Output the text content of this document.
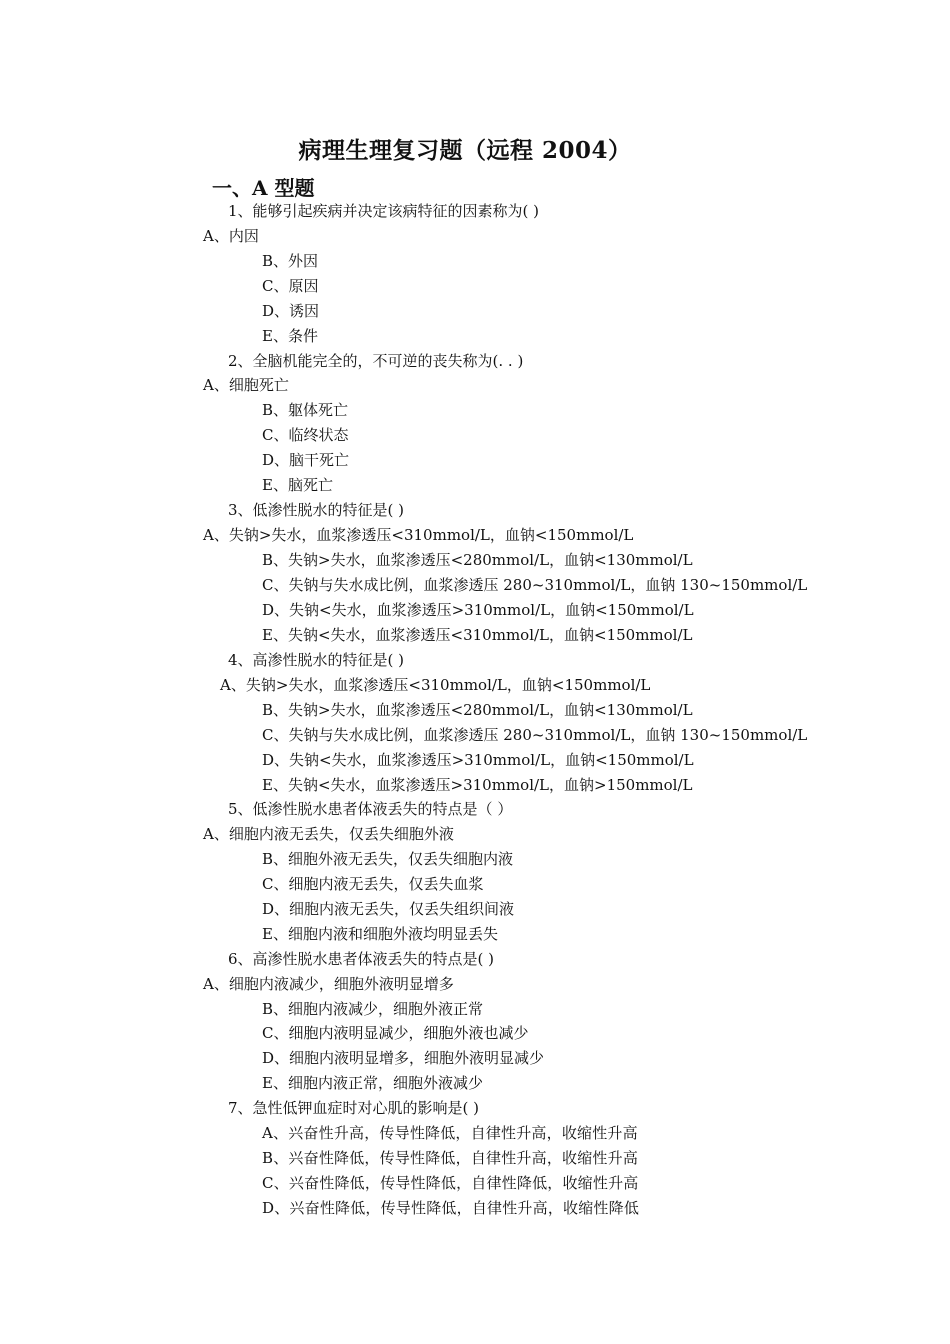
病理生理复习题（远程 2004）
一、A 型题
1、能够引起疾病并决定该病特征的因素称为( )
A、内因
B、外因
C、原因
D、诱因
E、条件
2、全脑机能完全的，不可逆的丧失称为(. . )
A、细胞死亡
B、躯体死亡
C、临终状态
D、脑干死亡
E、脑死亡
3、低渗性脱水的特征是( )
A、失钠>失水，血浆渗透压<310mmol/L，血钠<150mmol/L
B、失钠>失水，血浆渗透压<280mmol/L，血钠<130mmol/L
C、失钠与失水成比例，血浆渗透压 280~310mmol/L，血钠 130~150mmol/L
D、失钠<失水，血浆渗透压>310mmol/L，血钠<150mmol/L
E、失钠<失水，血浆渗透压<310mmol/L，血钠<150mmol/L
4、高渗性脱水的特征是( )
A、失钠>失水，血浆渗透压<310mmol/L，血钠<150mmol/L
B、失钠>失水，血浆渗透压<280mmol/L，血钠<130mmol/L
C、失钠与失水成比例，血浆渗透压 280~310mmol/L，血钠 130~150mmol/L
D、失钠<失水，血浆渗透压>310mmol/L，血钠<150mmol/L
E、失钠<失水，血浆渗透压>310mmol/L，血钠>150mmol/L
5、低渗性脱水患者体液丢失的特点是（ ）
A、细胞内液无丢失，仅丢失细胞外液
B、细胞外液无丢失，仅丢失细胞内液
C、细胞内液无丢失，仅丢失血浆
D、细胞内液无丢失，仅丢失组织间液
E、细胞内液和细胞外液均明显丢失
6、高渗性脱水患者体液丢失的特点是( )
A、细胞内液减少，细胞外液明显增多
B、细胞内液减少，细胞外液正常
C、细胞内液明显减少，细胞外液也减少
D、细胞内液明显增多，细胞外液明显减少
E、细胞内液正常，细胞外液减少
7、急性低钾血症时对心肌的影响是( )
A、兴奋性升高，传导性降低，自律性升高，收缩性升高
B、兴奋性降低，传导性降低，自律性升高，收缩性升高
C、兴奋性降低，传导性降低，自律性降低，收缩性升高
D、兴奋性降低，传导性降低，自律性升高，收缩性降低
